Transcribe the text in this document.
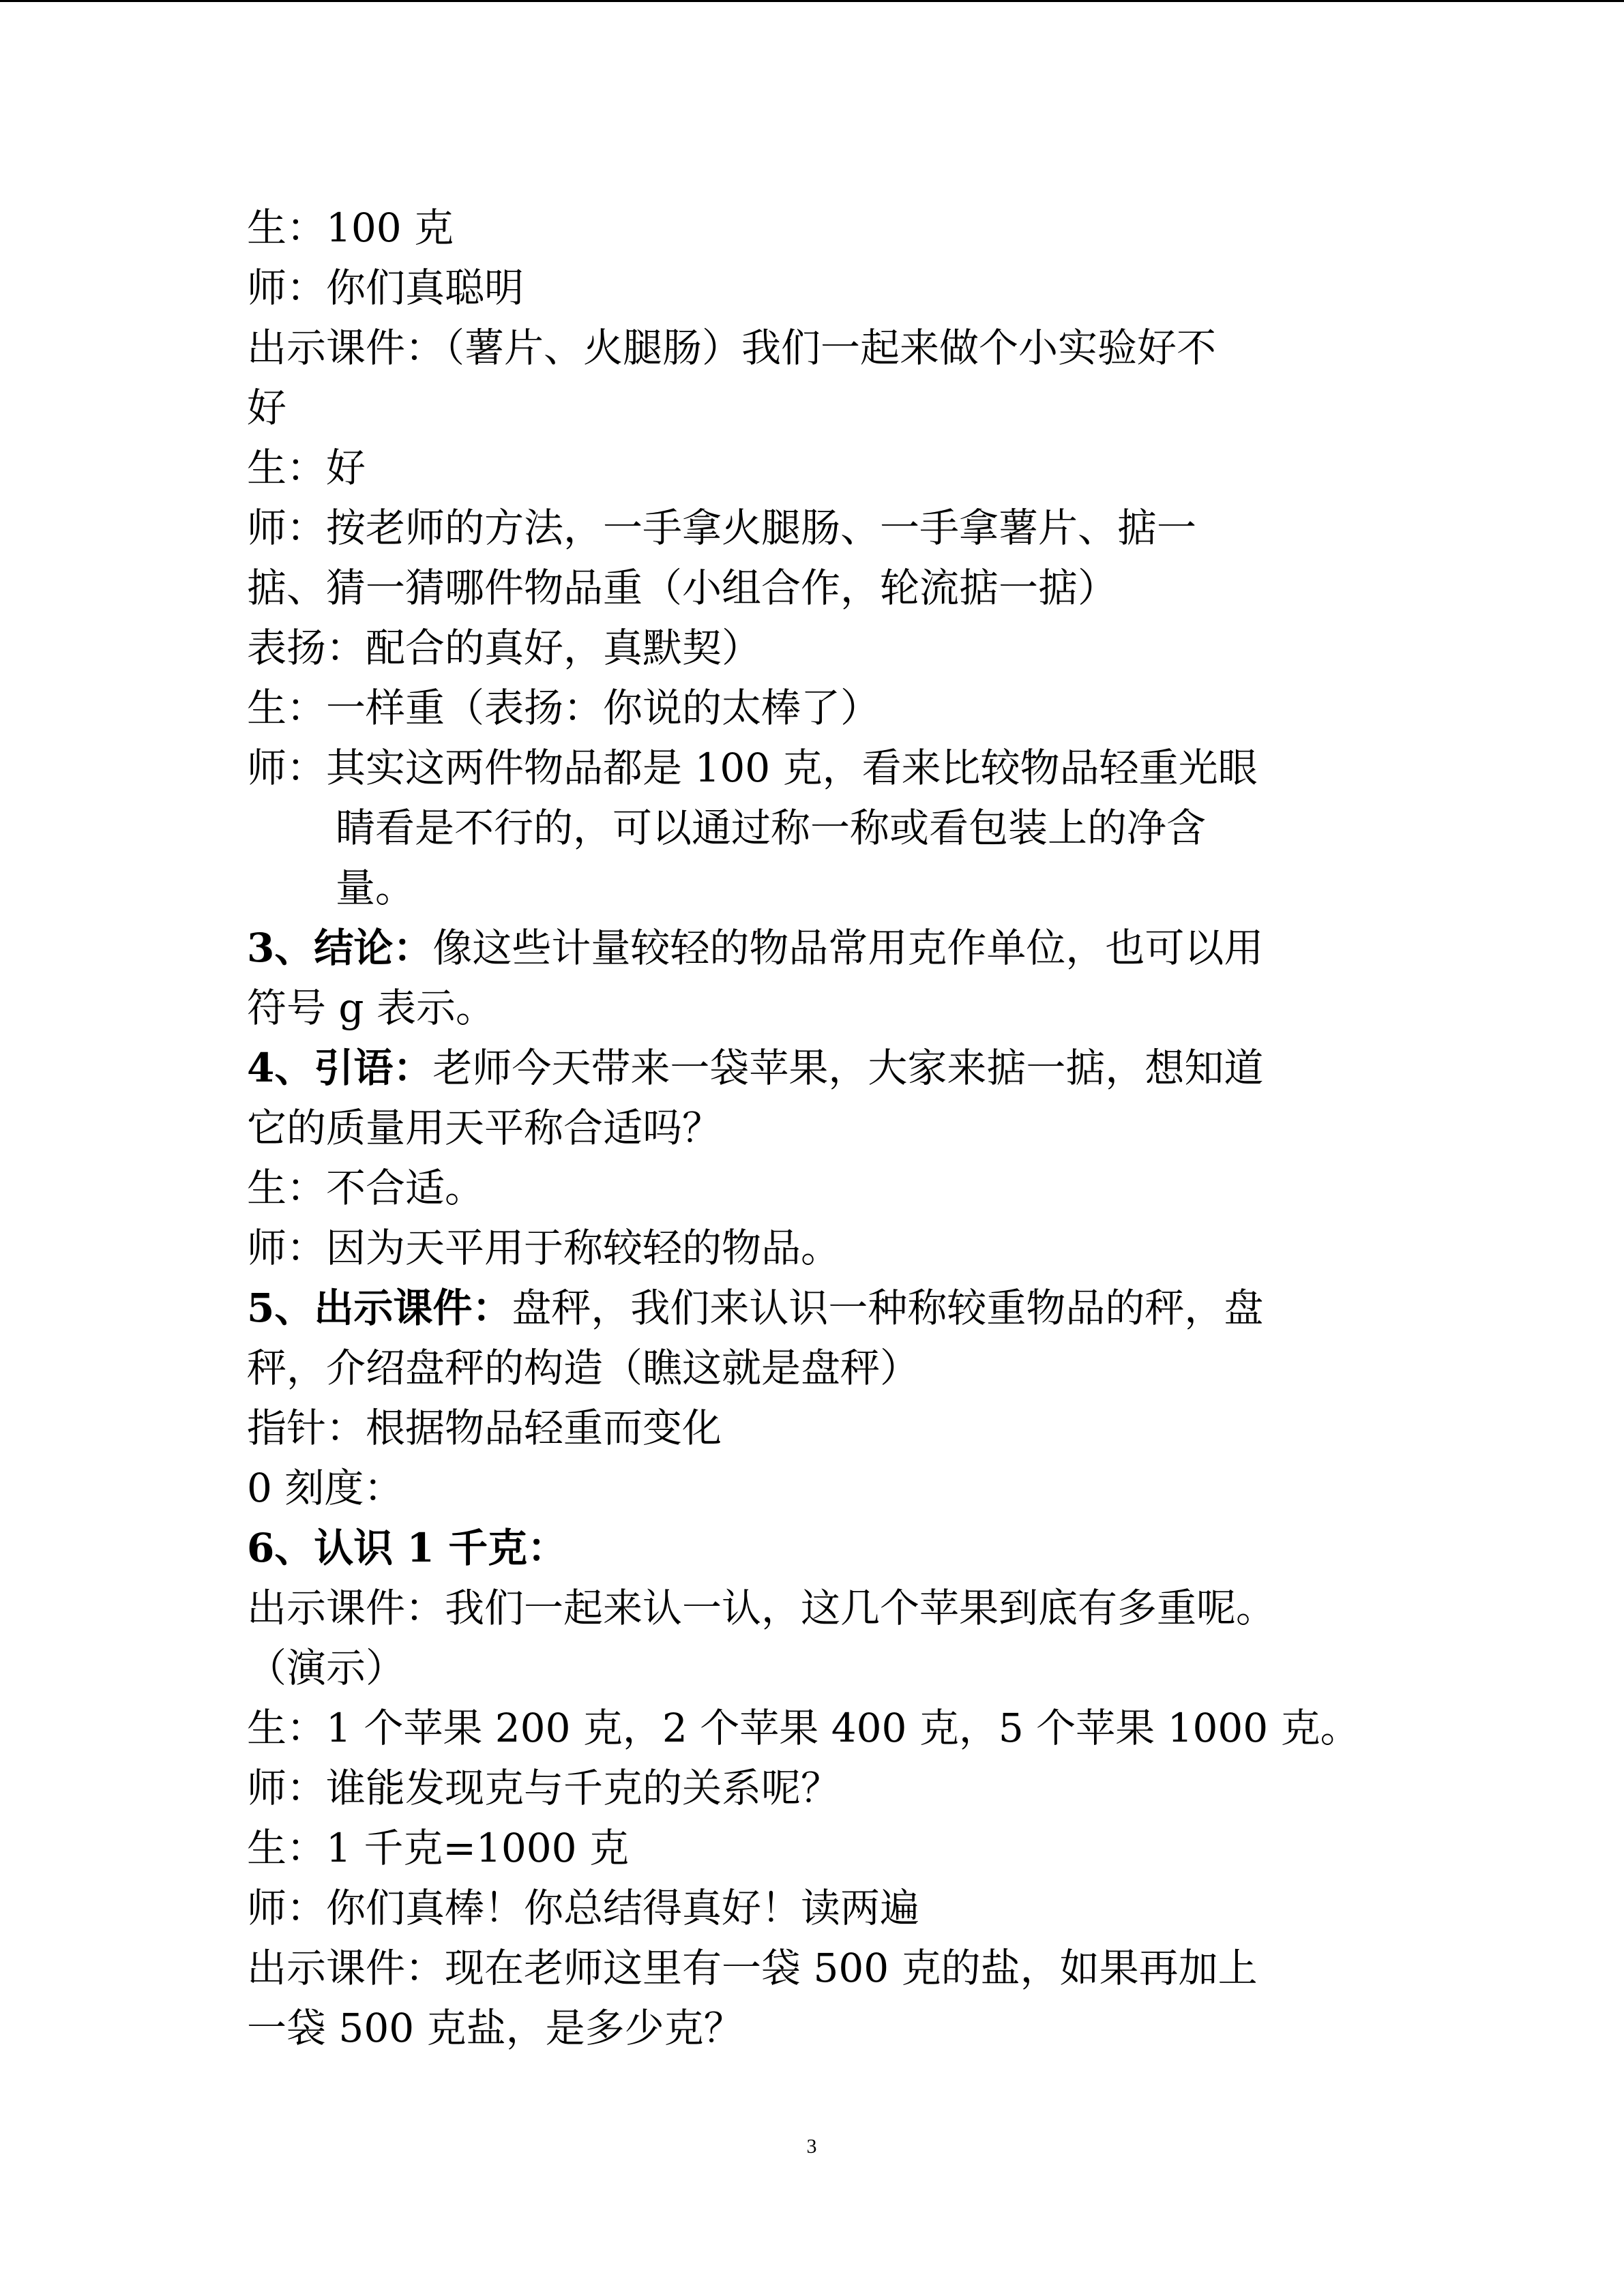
生：100 克
师：你们真聪明
出示课件：（薯片、火腿肠）我们一起来做个小实验好不
好
生：好
师：按老师的方法，一手拿火腿肠、一手拿薯片、掂一
掂、猜一猜哪件物品重（小组合作，轮流掂一掂）
表扬：配合的真好，真默契）
生：一样重（表扬：你说的太棒了）
师：其实这两件物品都是 100 克，看来比较物品轻重光眼
睛看是不行的，可以通过称一称或看包装上的净含
量。
3、结论：像这些计量较轻的物品常用克作单位，也可以用
符号 g 表示。
4、引语：老师今天带来一袋苹果，大家来掂一掂，想知道
它的质量用天平称合适吗？
生：不合适。
师：因为天平用于称较轻的物品。
5、出示课件：盘秤，我们来认识一种称较重物品的秤，盘
秤，介绍盘秤的构造（瞧这就是盘秤）
指针：根据物品轻重而变化
0 刻度：
6、认识 1 千克：
出示课件：我们一起来认一认，这几个苹果到底有多重呢。
（演示）
生：1 个苹果 200 克，2 个苹果 400 克，5 个苹果 1000 克。
师：谁能发现克与千克的关系呢？
生：1 千克=1000 克
师：你们真棒！你总结得真好！读两遍
出示课件：现在老师这里有一袋 500 克的盐，如果再加上
一袋 500 克盐，是多少克？
3
